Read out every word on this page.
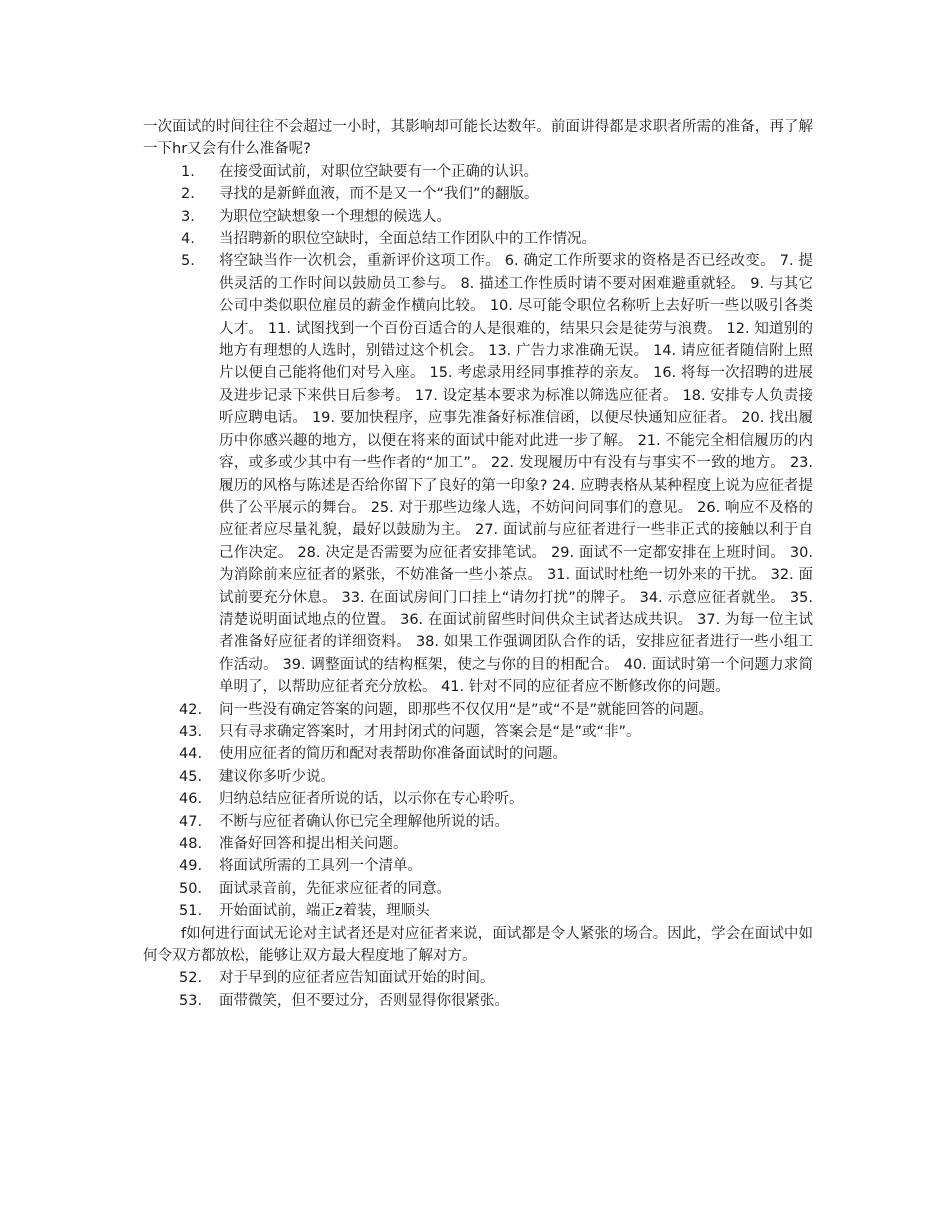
一次面试的时间往往不会超过一小时，其影响却可能长达数年。前面讲得都是求职者所需的准备，再了解一下hr又会有什么准备呢?

1. 在接受面试前，对职位空缺要有一个正确的认识。

2. 寻找的是新鲜血液，而不是又一个“我们”的翻版。

3. 为职位空缺想象一个理想的候选人。

4. 当招聘新的职位空缺时，全面总结工作团队中的工作情况。

5. 将空缺当作一次机会，重新评价这项工作。 6. 确定工作所要求的资格是否已经改变。 7. 提供灵活的工作时间以鼓励员工参与。 8. 描述工作性质时请不要对困难避重就轻。 9. 与其它公司中类似职位雇员的薪金作横向比较。 10. 尽可能令职位名称听上去好听一些以吸引各类人才。 11. 试图找到一个百份百适合的人是很难的，结果只会是徒劳与浪费。 12. 知道别的地方有理想的人选时，别错过这个机会。 13. 广告力求准确无误。 14. 请应征者随信附上照片以便自己能将他们对号入座。 15. 考虑录用经同事推荐的亲友。 16. 将每一次招聘的进展及进步记录下来供日后参考。 17. 设定基本要求为标准以筛选应征者。 18. 安排专人负责接听应聘电话。 19. 要加快程序，应事先准备好标准信函，以便尽快通知应征者。 20. 找出履历中你感兴趣的地方，以便在将来的面试中能对此进一步了解。 21. 不能完全相信履历的内容，或多或少其中有一些作者的“加工”。 22. 发现履历中有没有与事实不一致的地方。 23. 履历的风格与陈述是否给你留下了良好的第一印象? 24. 应聘表格从某种程度上说为应征者提供了公平展示的舞台。 25. 对于那些边缘人选，不妨问问同事们的意见。 26. 响应不及格的应征者应尽量礼貌，最好以鼓励为主。 27. 面试前与应征者进行一些非正式的接触以利于自己作决定。 28. 决定是否需要为应征者安排笔试。 29. 面试不一定都安排在上班时间。 30. 为消除前来应征者的紧张，不妨准备一些小茶点。 31. 面试时杜绝一切外来的干扰。 32. 面试前要充分休息。 33. 在面试房间门口挂上“请勿打扰”的牌子。 34. 示意应征者就坐。 35. 清楚说明面试地点的位置。 36. 在面试前留些时间供众主试者达成共识。 37. 为每一位主试者准备好应征者的详细资料。 38. 如果工作强调团队合作的话，安排应征者进行一些小组工作活动。 39. 调整面试的结构框架，使之与你的目的相配合。 40. 面试时第一个问题力求简单明了，以帮助应征者充分放松。 41. 针对不同的应征者应不断修改你的问题。

42. 问一些没有确定答案的问题，即那些不仅仅用“是”或“不是”就能回答的问题。

43. 只有寻求确定答案时，才用封闭式的问题，答案会是“是”或“非”。

44. 使用应征者的简历和配对表帮助你准备面试时的问题。

45. 建议你多听少说。

46. 归纳总结应征者所说的话，以示你在专心聆听。

47. 不断与应征者确认你已完全理解他所说的话。

48. 准备好回答和提出相关问题。

49. 将面试所需的工具列一个清单。

50. 面试录音前，先征求应征者的同意。

51. 开始面试前，端正z着装，理顺头

f如何进行面试无论对主试者还是对应征者来说，面试都是令人紧张的场合。因此，学会在面试中如何令双方都放松，能够让双方最大程度地了解对方。

52. 对于早到的应征者应告知面试开始的时间。

53. 面带微笑，但不要过分，否则显得你很紧张。
